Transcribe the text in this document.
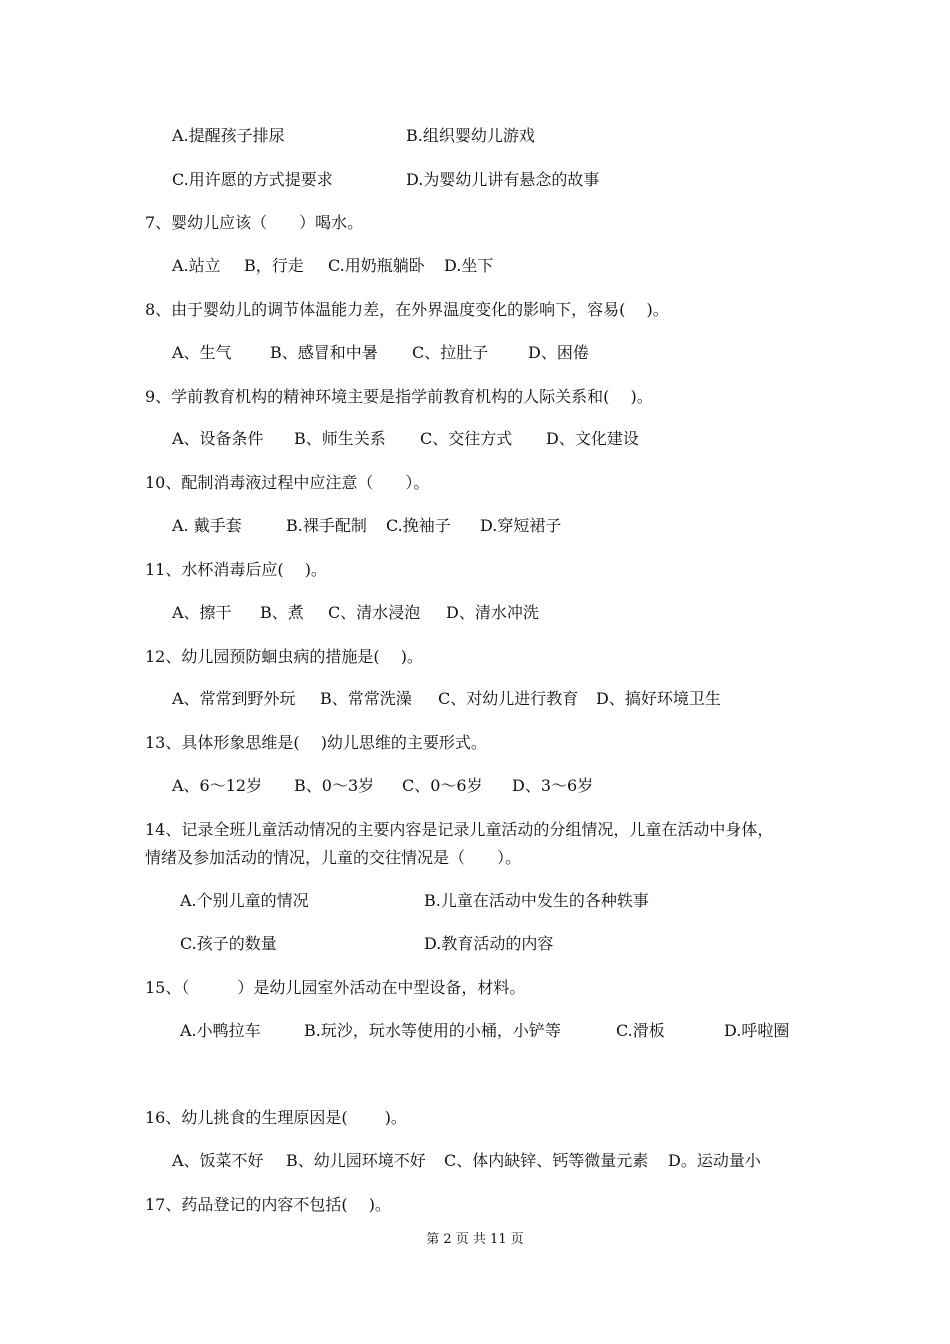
A.提醒孩子排尿	B.组织婴幼儿游戏
C.用许愿的方式提要求	D.为婴幼儿讲有悬念的故事
7、婴幼儿应该（　　）喝水。
A.站立 B，行走 C.用奶瓶躺卧 D.坐下
8、由于婴幼儿的调节体温能力差，在外界温度变化的影响下，容易(　 )。
A、生气 B、感冒和中暑 C、拉肚子 D、困倦
9、学前教育机构的精神环境主要是指学前教育机构的人际关系和(　 )。
A、设备条件 B、师生关系 C、交往方式 D、文化建设
10、配制消毒液过程中应注意（　　）。
A. 戴手套	B.裸手配制 C.挽袖子 D.穿短裙子
11、水杯消毒后应(　 )。
A、擦干 B、煮 C、清水浸泡 D、清水冲洗
12、幼儿园预防蛔虫病的措施是(　 )。
A、常常到野外玩 B、常常洗澡 C、对幼儿进行教育 D、搞好环境卫生
13、具体形象思维是(　 )幼儿思维的主要形式。
A、6～12岁 B、0～3岁 C、0～6岁 D、3～6岁
14、记录全班儿童活动情况的主要内容是记录儿童活动的分组情况，儿童在活动中身体，
情绪及参加活动的情况，儿童的交往情况是（　　）。
A.个别儿童的情况	B.儿童在活动中发生的各种轶事
C.孩子的数量	D.教育活动的内容
15、（　　　）是幼儿园室外活动在中型设备，材料。
A.小鸭拉车	B.玩沙，玩水等使用的小桶，小铲等	C.滑板	D.呼啦圈
16、幼儿挑食的生理原因是(　　 )。
A、饭菜不好 B、幼儿园环境不好 C、体内缺锌、钙等微量元素 D。运动量小
17、药品登记的内容不包括(　 )。
第 2 页 共 11 页
